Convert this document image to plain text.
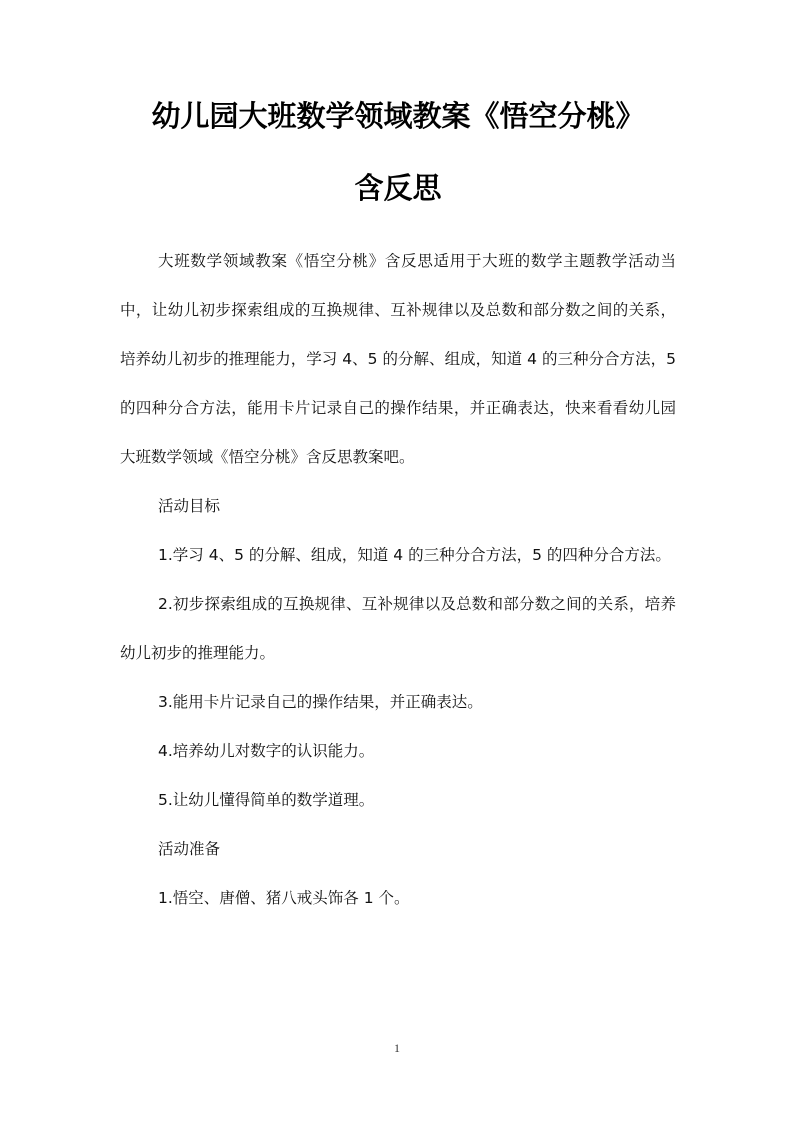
幼儿园大班数学领域教案《悟空分桃》
含反思

大班数学领域教案《悟空分桃》含反思适用于大班的数学主题教学活动当中，让幼儿初步探索组成的互换规律、互补规律以及总数和部分数之间的关系，培养幼儿初步的推理能力，学习 4、5 的分解、组成，知道 4 的三种分合方法，5 的四种分合方法，能用卡片记录自己的操作结果，并正确表达，快来看看幼儿园大班数学领域《悟空分桃》含反思教案吧。

活动目标

1.学习 4、5 的分解、组成，知道 4 的三种分合方法，5 的四种分合方法。

2.初步探索组成的互换规律、互补规律以及总数和部分数之间的关系，培养幼儿初步的推理能力。

3.能用卡片记录自己的操作结果，并正确表达。

4.培养幼儿对数字的认识能力。

5.让幼儿懂得简单的数学道理。

活动准备

1.悟空、唐僧、猪八戒头饰各 1 个。

1
